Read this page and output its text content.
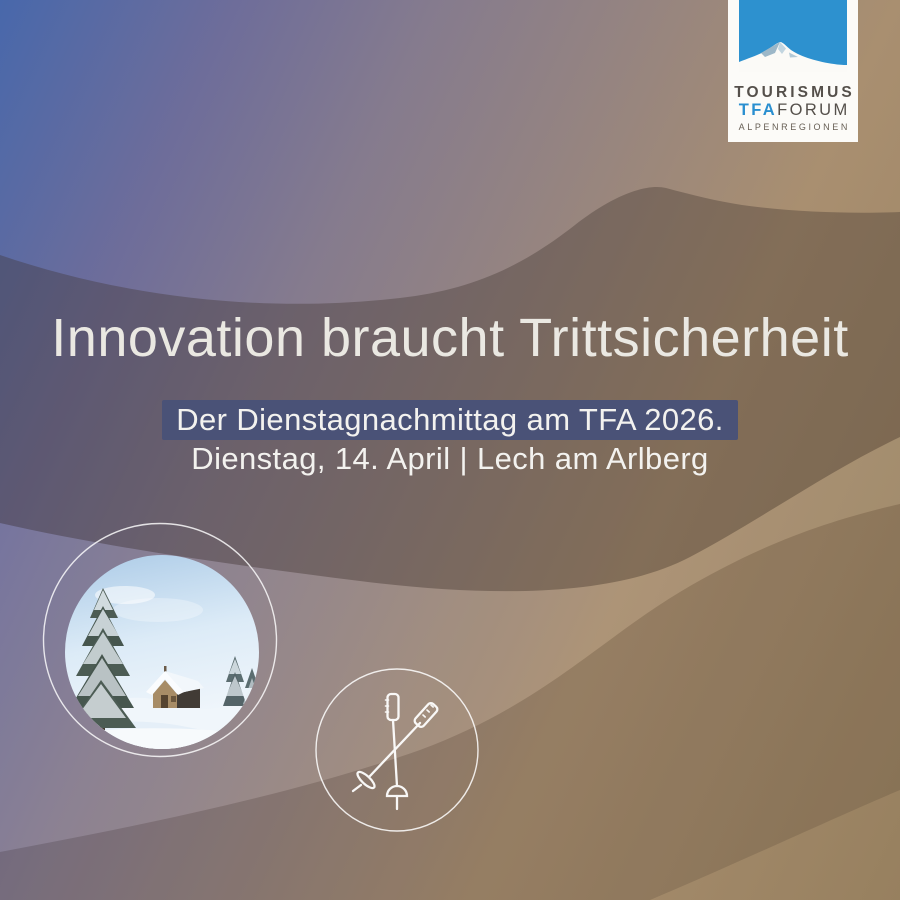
TOURISMUS
TFAFORUM
ALPENREGIONEN
Innovation braucht Trittsicherheit
Der Dienstagnachmittag am TFA 2026.
Dienstag, 14. April | Lech am Arlberg
